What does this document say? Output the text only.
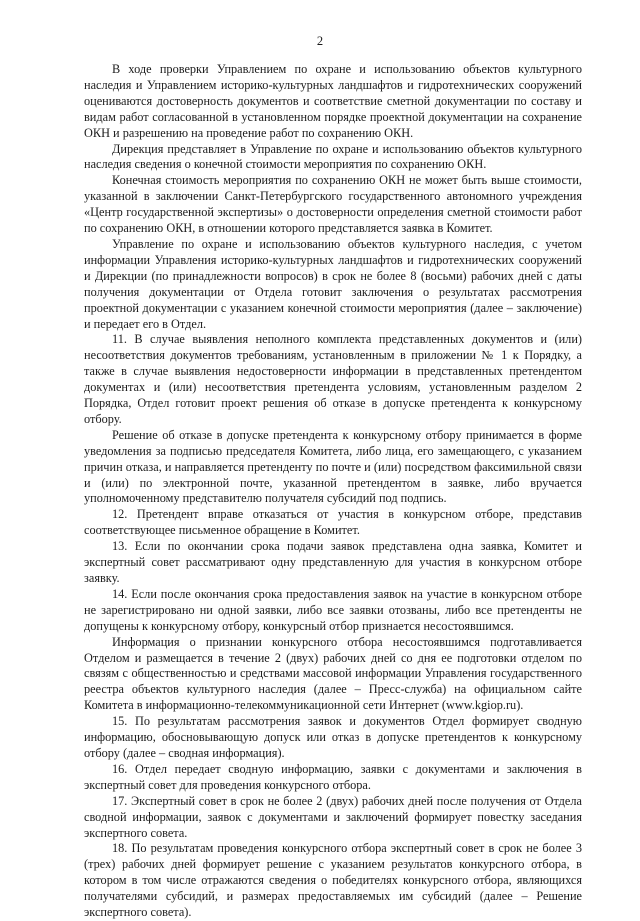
2

В ходе проверки Управлением по охране и использованию объектов культурного наследия и Управлением историко-культурных ландшафтов и гидротехнических сооружений оцениваются достоверность документов и соответствие сметной документации по составу и видам работ согласованной в установленном порядке проектной документации на сохранение ОКН и разрешению на проведение работ по сохранению ОКН.

Дирекция представляет в Управление по охране и использованию объектов культурного наследия сведения о конечной стоимости мероприятия по сохранению ОКН.

Конечная стоимость мероприятия по сохранению ОКН не может быть выше стоимости, указанной в заключении Санкт-Петербургского государственного автономного учреждения «Центр государственной экспертизы» о достоверности определения сметной стоимости работ по сохранению ОКН, в отношении которого представляется заявка в Комитет.

Управление по охране и использованию объектов культурного наследия, с учетом информации Управления историко-культурных ландшафтов и гидротехнических сооружений и Дирекции (по принадлежности вопросов) в срок не более 8 (восьми) рабочих дней с даты получения документации от Отдела готовит заключения о результатах рассмотрения проектной документации с указанием конечной стоимости мероприятия (далее – заключение) и передает его в Отдел.

11. В случае выявления неполного комплекта представленных документов и (или) несоответствия документов требованиям, установленным в приложении № 1 к Порядку, а также в случае выявления недостоверности информации в представленных претендентом документах и (или) несоответствия претендента условиям, установленным разделом 2 Порядка, Отдел готовит проект решения об отказе в допуске претендента к конкурсному отбору.

Решение об отказе в допуске претендента к конкурсному отбору принимается в форме уведомления за подписью председателя Комитета, либо лица, его замещающего, с указанием причин отказа, и направляется претенденту по почте и (или) посредством факсимильной связи и (или) по электронной почте, указанной претендентом в заявке, либо вручается уполномоченному представителю получателя субсидий под подпись.

12. Претендент вправе отказаться от участия в конкурсном отборе, представив соответствующее письменное обращение в Комитет.

13. Если по окончании срока подачи заявок представлена одна заявка, Комитет и экспертный совет рассматривают одну представленную для участия в конкурсном отборе заявку.

14. Если после окончания срока предоставления заявок на участие в конкурсном отборе не зарегистрировано ни одной заявки, либо все заявки отозваны, либо все претенденты не допущены к конкурсному отбору, конкурсный отбор признается несостоявшимся.

Информация о признании конкурсного отбора несостоявшимся подготавливается Отделом и размещается в течение 2 (двух) рабочих дней со дня ее подготовки отделом по связям с общественностью и средствами массовой информации Управления государственного реестра объектов культурного наследия (далее – Пресс-служба) на официальном сайте Комитета в информационно-телекоммуникационной сети Интернет (www.kgiop.ru).

15. По результатам рассмотрения заявок и документов Отдел формирует сводную информацию, обосновывающую допуск или отказ в допуске претендентов к конкурсному отбору (далее – сводная информация).

16. Отдел передает сводную информацию, заявки с документами и заключения в экспертный совет для проведения конкурсного отбора.

17. Экспертный совет в срок не более 2 (двух) рабочих дней после получения от Отдела сводной информации, заявок с документами и заключений формирует повестку заседания экспертного совета.

18. По результатам проведения конкурсного отбора экспертный совет в срок не более 3 (трех) рабочих дней формирует решение с указанием результатов конкурсного отбора, в котором в том числе отражаются сведения о победителях конкурсного отбора, являющихся получателями субсидий, и размерах предоставляемых им субсидий (далее – Решение экспертного совета).
